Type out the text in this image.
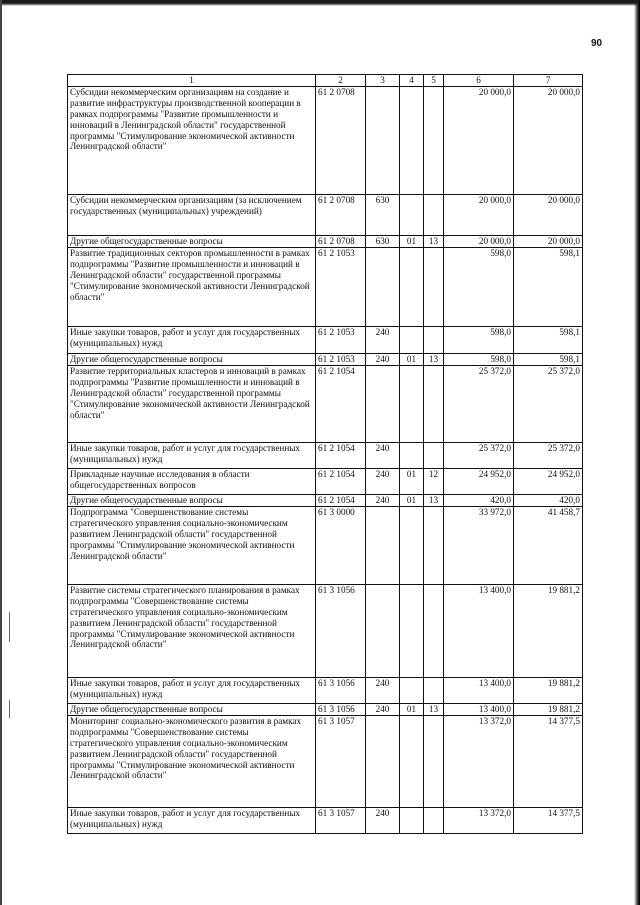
90
1	2	3	4	5	6	7
Субсидии некоммерческим организациям на создание и развитие инфраструктуры производственной кооперации в рамках подпрограммы "Развитие промышленности и инноваций в Ленинградской области" государственной программы "Стимулирование экономической активности Ленинградской области"	61 2 0708				20 000,0	20 000,0
Субсидии некоммерческим организациям (за исключением государственных (муниципальных) учреждений)	61 2 0708	630			20 000,0	20 000,0
Другие общегосударственные вопросы	61 2 0708	630	01	13	20 000,0	20 000,0
Развитие традиционных секторов промышленности в рамках подпрограммы "Развитие промышленности и инноваций в Ленинградской области" государственной программы "Стимулирование экономической активности Ленинградской области"	61 2 1053				598,0	598,1
Иные закупки товаров, работ и услуг для государственных (муниципальных) нужд	61 2 1053	240			598,0	598,1
Другие общегосударственные вопросы	61 2 1053	240	01	13	598,0	598,1
Развитие территориальных кластеров и инноваций в рамках подпрограммы "Развитие промышленности и инноваций в Ленинградской области" государственной программы "Стимулирование экономической активности Ленинградской области"	61 2 1054				25 372,0	25 372,0
Иные закупки товаров, работ и услуг для государственных (муниципальных) нужд	61 2 1054	240			25 372,0	25 372,0
Прикладные научные исследования в области общегосударственных вопросов	61 2 1054	240	01	12	24 952,0	24 952,0
Другие общегосударственные вопросы	61 2 1054	240	01	13	420,0	420,0
Подпрограмма "Совершенствование системы стратегического управления социально-экономическим развитием Ленинградской области" государственной программы "Стимулирование экономической активности Ленинградской области"	61 3 0000				33 972,0	41 458,7
Развитие системы стратегического планирования в рамках подпрограммы "Совершенствование системы стратегического управления социально-экономическим развитием Ленинградской области" государственной программы "Стимулирование экономической активности Ленинградской области"	61 3 1056				13 400,0	19 881,2
Иные закупки товаров, работ и услуг для государственных (муниципальных) нужд	61 3 1056	240			13 400,0	19 881,2
Другие общегосударственные вопросы	61 3 1056	240	01	13	13 400,0	19 881,2
Мониторинг социально-экономического развития в рамках подпрограммы "Совершенствование системы стратегического управления социально-экономическим развитием Ленинградской области" государственной программы "Стимулирование экономической активности Ленинградской области"	61 3 1057				13 372,0	14 377,5
Иные закупки товаров, работ и услуг для государственных (муниципальных) нужд	61 3 1057	240			13 372,0	14 377,5
